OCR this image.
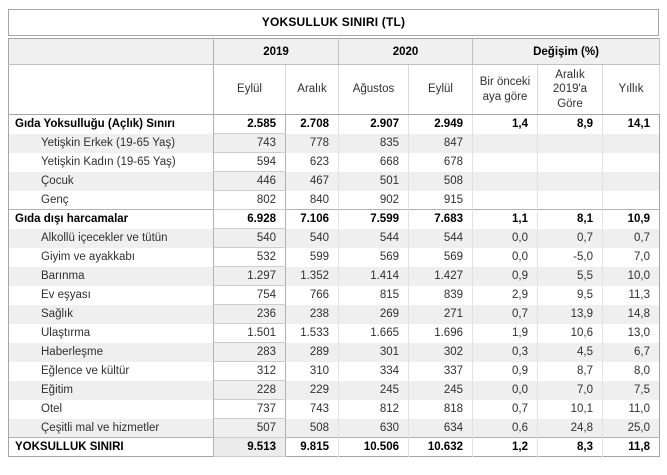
YOKSULLUK SINIRI (TL)
	2019		2020		Değişim (%)		
	Eylül	Aralık	Ağustos	Eylül	Bir önceki aya göre	Aralık 2019'a Göre	Yıllık
Gıda Yoksulluğu (Açlık) Sınırı	2.585	2.708	2.907	2.949	1,4	8,9	14,1
Yetişkin Erkek (19-65 Yaş)	743	778	835	847			
Yetişkin Kadın (19-65 Yaş)	594	623	668	678			
Çocuk	446	467	501	508			
Genç	802	840	902	915			
Gıda dışı harcamalar	6.928	7.106	7.599	7.683	1,1	8,1	10,9
Alkollü içecekler ve tütün	540	540	544	544	0,0	0,7	0,7
Giyim ve ayakkabı	532	599	569	569	0,0	-5,0	7,0
Barınma	1.297	1.352	1.414	1.427	0,9	5,5	10,0
Ev eşyası	754	766	815	839	2,9	9,5	11,3
Sağlık	236	238	269	271	0,7	13,9	14,8
Ulaştırma	1.501	1.533	1.665	1.696	1,9	10,6	13,0
Haberleşme	283	289	301	302	0,3	4,5	6,7
Eğlence ve kültür	312	310	334	337	0,9	8,7	8,0
Eğitim	228	229	245	245	0,0	7,0	7,5
Otel	737	743	812	818	0,7	10,1	11,0
Çeşitli mal ve hizmetler	507	508	630	634	0,6	24,8	25,0
YOKSULLUK SINIRI	9.513	9.815	10.506	10.632	1,2	8,3	11,8
